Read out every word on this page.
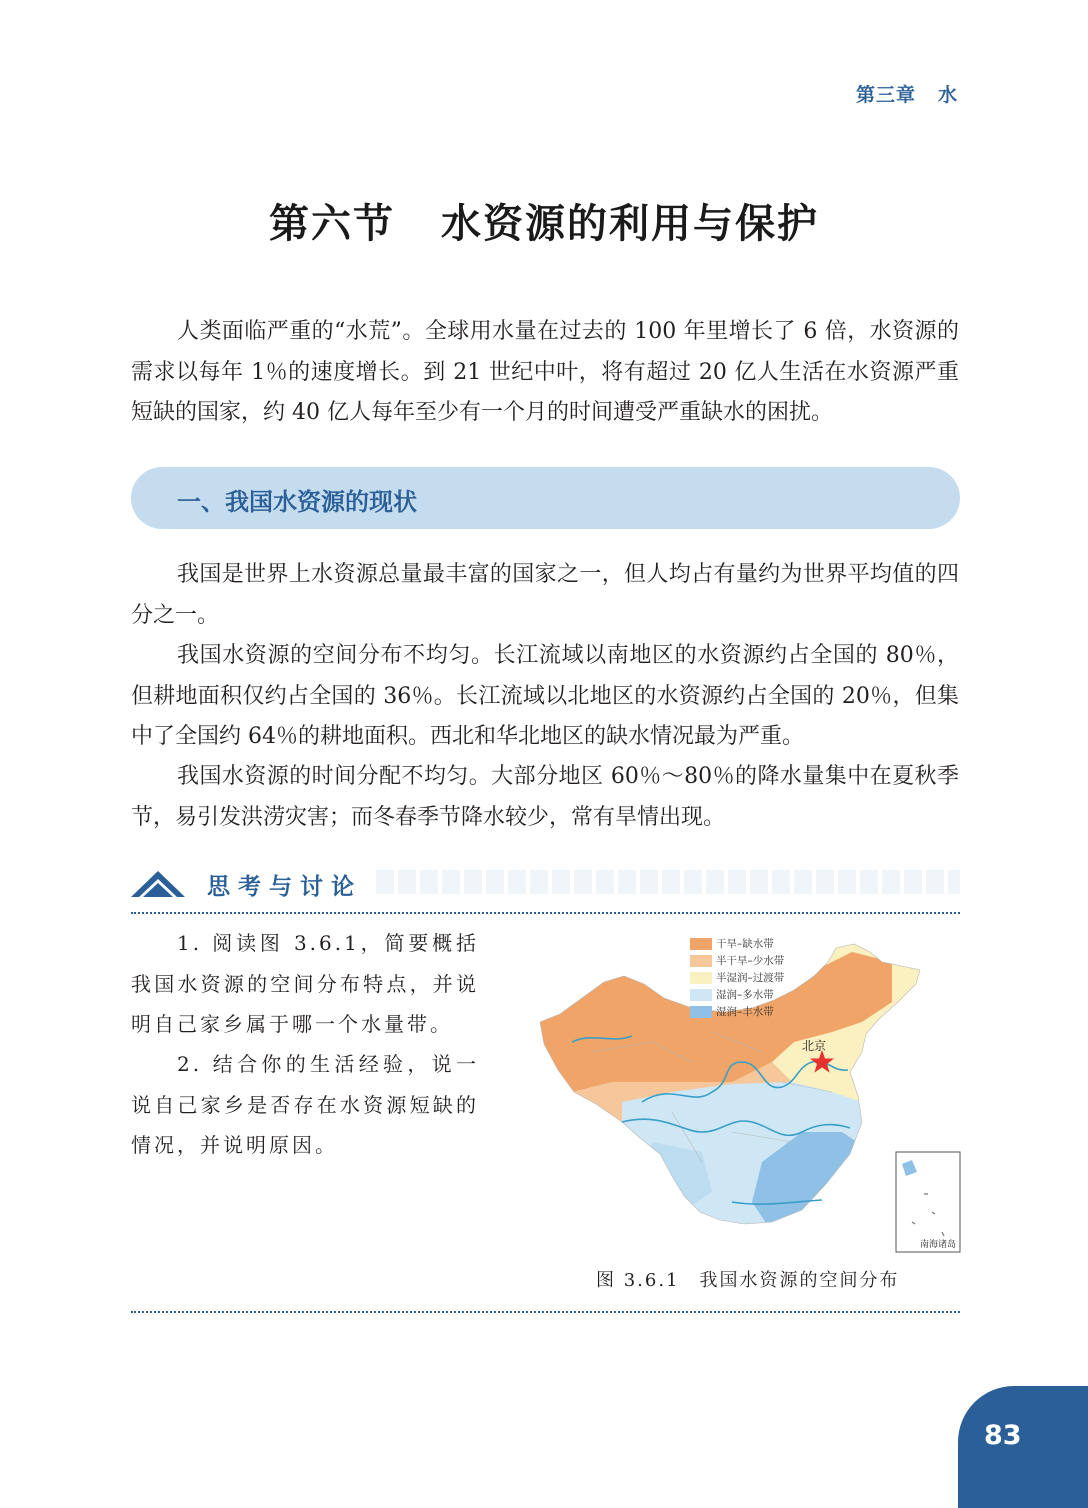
第三章 水
第六节 水资源的利用与保护

人类面临严重的“水荒”。全球用水量在过去的 100 年里增长了 6 倍，水资源的需求以每年 1％的速度增长。到 21 世纪中叶，将有超过 20 亿人生活在水资源严重短缺的国家，约 40 亿人每年至少有一个月的时间遭受严重缺水的困扰。

一、我国水资源的现状

我国是世界上水资源总量最丰富的国家之一，但人均占有量约为世界平均值的四分之一。

我国水资源的空间分布不均匀。长江流域以南地区的水资源约占全国的 80％，但耕地面积仅约占全国的 36％。长江流域以北地区的水资源约占全国的 20％，但集中了全国约 64％的耕地面积。西北和华北地区的缺水情况最为严重。

我国水资源的时间分配不均匀。大部分地区 60％～80％的降水量集中在夏秋季节，易引发洪涝灾害；而冬春季节降水较少，常有旱情出现。

思考与讨论

1. 阅读图 3.6.1，简要概括我国水资源的空间分布特点，并说明自己家乡属于哪一个水量带。

2. 结合你的生活经验，说一说自己家乡是否存在水资源短缺的情况，并说明原因。

干旱–缺水带
半干旱–少水带
半湿润–过渡带
湿润–多水带
湿润–丰水带
北京
南海诸岛
图 3.6.1 我国水资源的空间分布
83
